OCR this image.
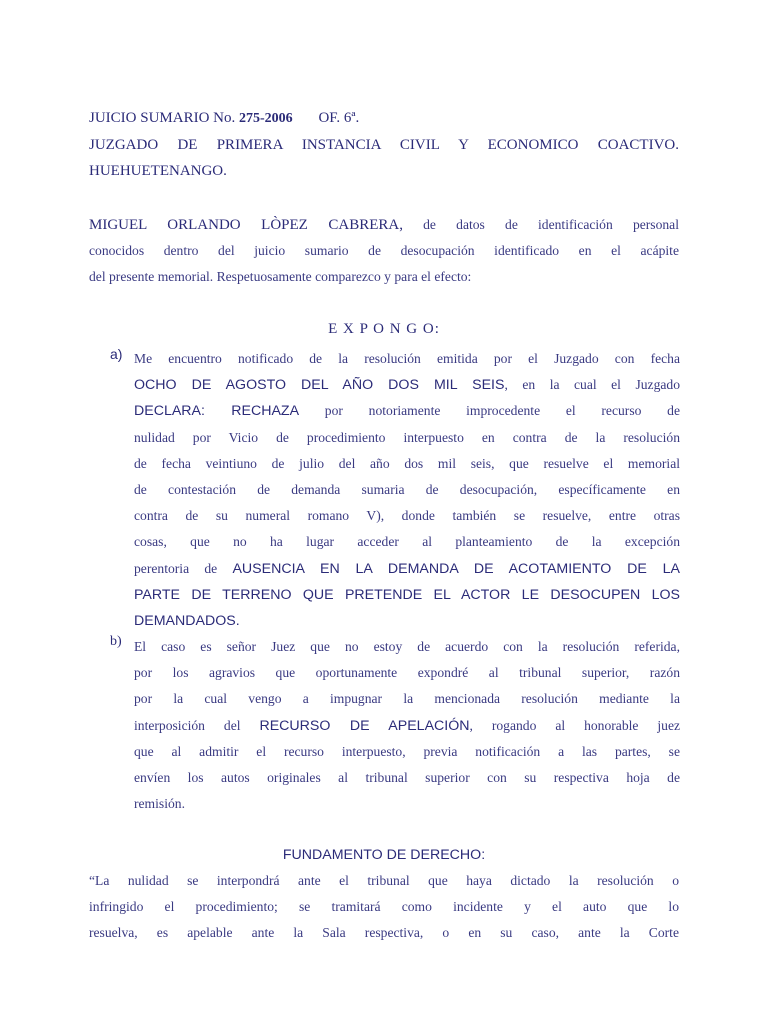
JUICIO SUMARIO No. 275-2006 OF. 6ª.
JUZGADO DE PRIMERA INSTANCIA CIVIL Y ECONOMICO COACTIVO.
HUEHUETENANGO.
MIGUEL ORLANDO LÒPEZ CABRERA, de datos de identificación personal
conocidos dentro del juicio sumario de desocupación identificado en el acápite
del presente memorial. Respetuosamente comparezco y para el efecto:
E X P O N G O:
a) Me encuentro notificado de la resolución emitida por el Juzgado con fecha
OCHO DE AGOSTO DEL AÑO DOS MIL SEIS, en la cual el Juzgado
DECLARA: RECHAZA por notoriamente improcedente el recurso de
nulidad por Vicio de procedimiento interpuesto en contra de la resolución
de fecha veintiuno de julio del año dos mil seis, que resuelve el memorial
de contestación de demanda sumaria de desocupación, específicamente en
contra de su numeral romano V), donde también se resuelve, entre otras
cosas, que no ha lugar acceder al planteamiento de la excepción
perentoria de AUSENCIA EN LA DEMANDA DE ACOTAMIENTO DE LA
PARTE DE TERRENO QUE PRETENDE EL ACTOR LE DESOCUPEN LOS
DEMANDADOS.
b) El caso es señor Juez que no estoy de acuerdo con la resolución referida,
por los agravios que oportunamente expondré al tribunal superior, razón
por la cual vengo a impugnar la mencionada resolución mediante la
interposición del RECURSO DE APELACIÓN, rogando al honorable juez
que al admitir el recurso interpuesto, previa notificación a las partes, se
envíen los autos originales al tribunal superior con su respectiva hoja de
remisión.
FUNDAMENTO DE DERECHO:
“La nulidad se interpondrá ante el tribunal que haya dictado la resolución o
infringido el procedimiento; se tramitará como incidente y el auto que lo
resuelva, es apelable ante la Sala respectiva, o en su caso, ante la Corte
